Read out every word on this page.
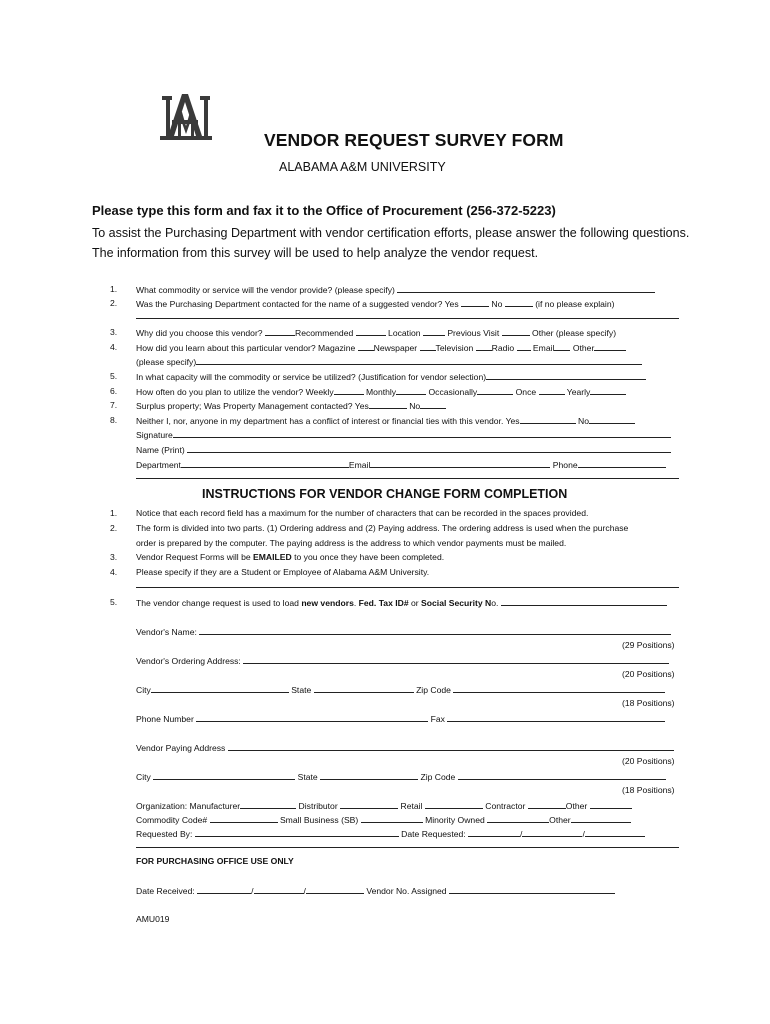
VENDOR REQUEST SURVEY FORM
ALABAMA A&M UNIVERSITY
Please type this form and fax it to the Office of Procurement (256-372-5223)
To assist the Purchasing Department with vendor certification efforts, please answer the following questions. The information from this survey will be used to help analyze the vendor request.
1. What commodity or service will the vendor provide? (please specify)
2. Was the Purchasing Department contacted for the name of a suggested vendor? Yes	No	(if no please explain)
3. Why did you choose this vendor?	Recommended	Location	Previous Visit	Other (please specify)
4. How did you learn about this particular vendor? Magazine Newspaper Television Radio Email Other
(please specify)
5. In what capacity will the commodity or service be utilized? (Justification for vendor selection)
6. How often do you plan to utilize the vendor? Weekly	Monthly	Occasionally	Once	Yearly
7. Surplus property; Was Property Management contacted? Yes	No
8. Neither I, nor, anyone in my department has a conflict of interest or financial ties with this vendor. Yes	No
Signature
Name (Print)
Department	Email	Phone
INSTRUCTIONS FOR VENDOR CHANGE FORM COMPLETION
1. Notice that each record field has a maximum for the number of characters that can be recorded in the spaces provided.
2. The form is divided into two parts. (1) Ordering address and (2) Paying address. The ordering address is used when the purchase
order is prepared by the computer. The paying address is the address to which vendor payments must be mailed.
3. Vendor Request Forms will be EMAILED to you once they have been completed.
4. Please specify if they are a Student or Employee of Alabama A&M University.
5. The vendor change request is used to load new vendors. Fed. Tax ID# or Social Security No.
Vendor's Name:
(29 Positions)
Vendor's Ordering Address:
(20 Positions)
City	State	Zip Code
(18 Positions)
Phone Number	Fax
Vendor Paying Address
(20 Positions)
City	State	Zip Code
(18 Positions)
Organization: Manufacturer	Distributor	Retail	Contractor	Other
Commodity Code#	Small Business (SB)	Minority Owned	Other
Requested By:	Date Requested:	/	/
FOR PURCHASING OFFICE USE ONLY
Date Received:	/	/	Vendor No. Assigned
AMU019
